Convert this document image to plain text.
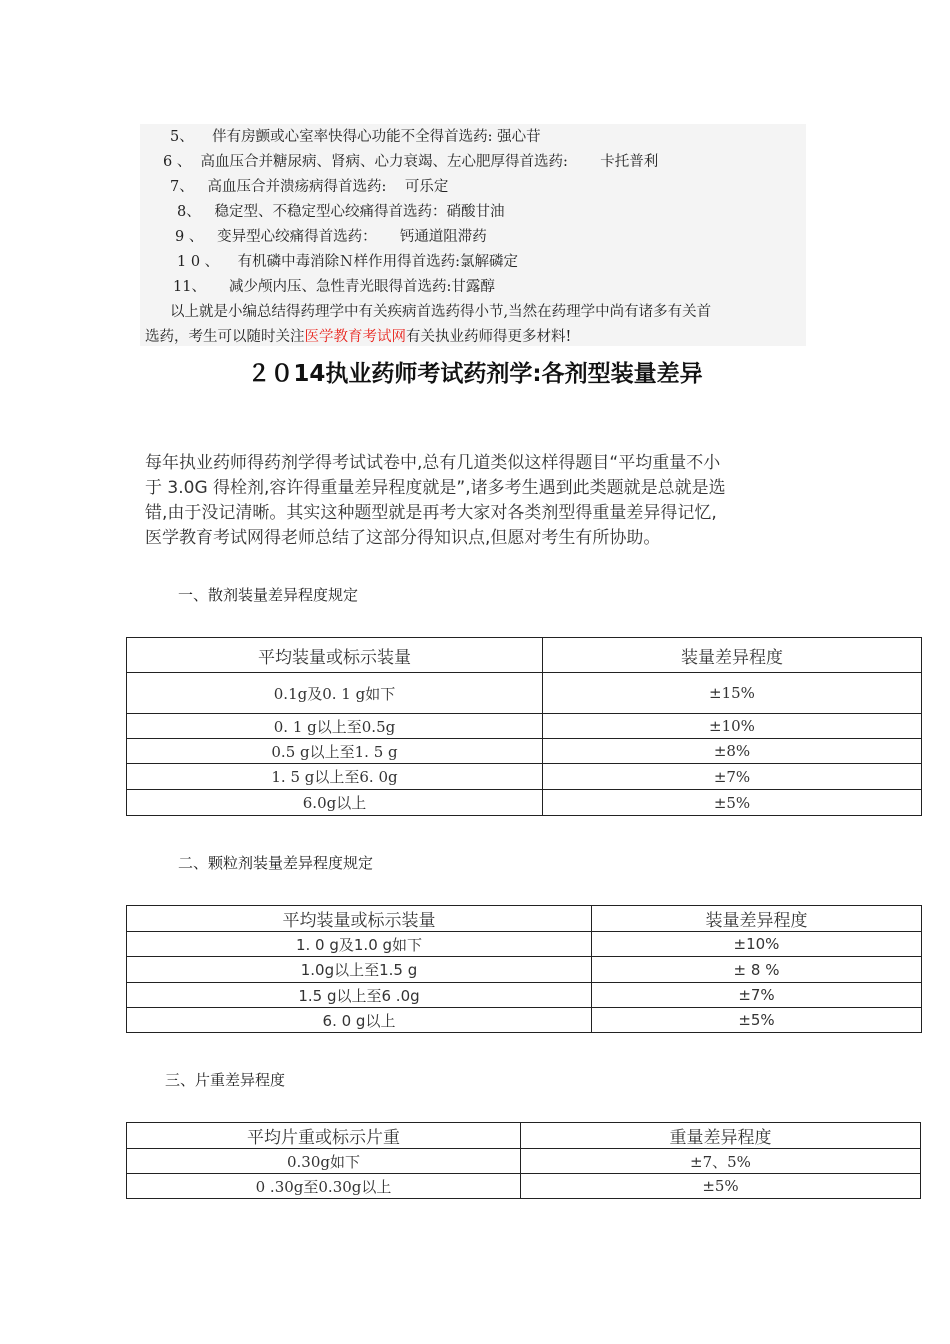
5、    伴有房颤或心室率快得心功能不全得首选药: 强心苷
6 、  高血压合并糖尿病、肾病、心力衰竭、左心肥厚得首选药:       卡托普利
7、   高血压合并溃疡病得首选药:    可乐定
8、   稳定型、不稳定型心绞痛得首选药：硝酸甘油
9 、   变异型心绞痛得首选药：     钙通道阻滞药
1 0 、    有机磷中毒消除Ｎ样作用得首选药:氯解磷定
11、     减少颅内压、急性青光眼得首选药:甘露醇
以上就是小编总结得药理学中有关疾病首选药得小节,当然在药理学中尚有诸多有关首
选药，考生可以随时关注医学教育考试网有关执业药师得更多材料!
２０14执业药师考试药剂学:各剂型装量差异

每年执业药师得药剂学得考试试卷中,总有几道类似这样得题目“平均重量不小

于 3.0G 得栓剂,容许得重量差异程度就是”,诸多考生遇到此类题就是总就是选

错,由于没记清晰。其实这种题型就是再考大家对各类剂型得重量差异得记忆,

医学教育考试网得老师总结了这部分得知识点,但愿对考生有所协助。

一、散剂装量差异程度规定
平均装量或标示装量	装量差异程度
0.1g及0. 1 g如下	±15%
0. 1 g以上至0.5g	±10%
0.5 g以上至1. 5 g	±8%
1. 5 g以上至6. 0g	±7%
6.0g以上	±5%
二、颗粒剂装量差异程度规定
平均装量或标示装量	装量差异程度
1. 0 g及1.0 g如下	±10%
1.0g以上至1.5 g	± 8 %
1.5 g以上至6 .0g	±7%
6. 0 g以上	±5%
三、片重差异程度
平均片重或标示片重	重量差异程度
0.30g如下	±7、5%
0 .30g至0.30g以上	±5%
